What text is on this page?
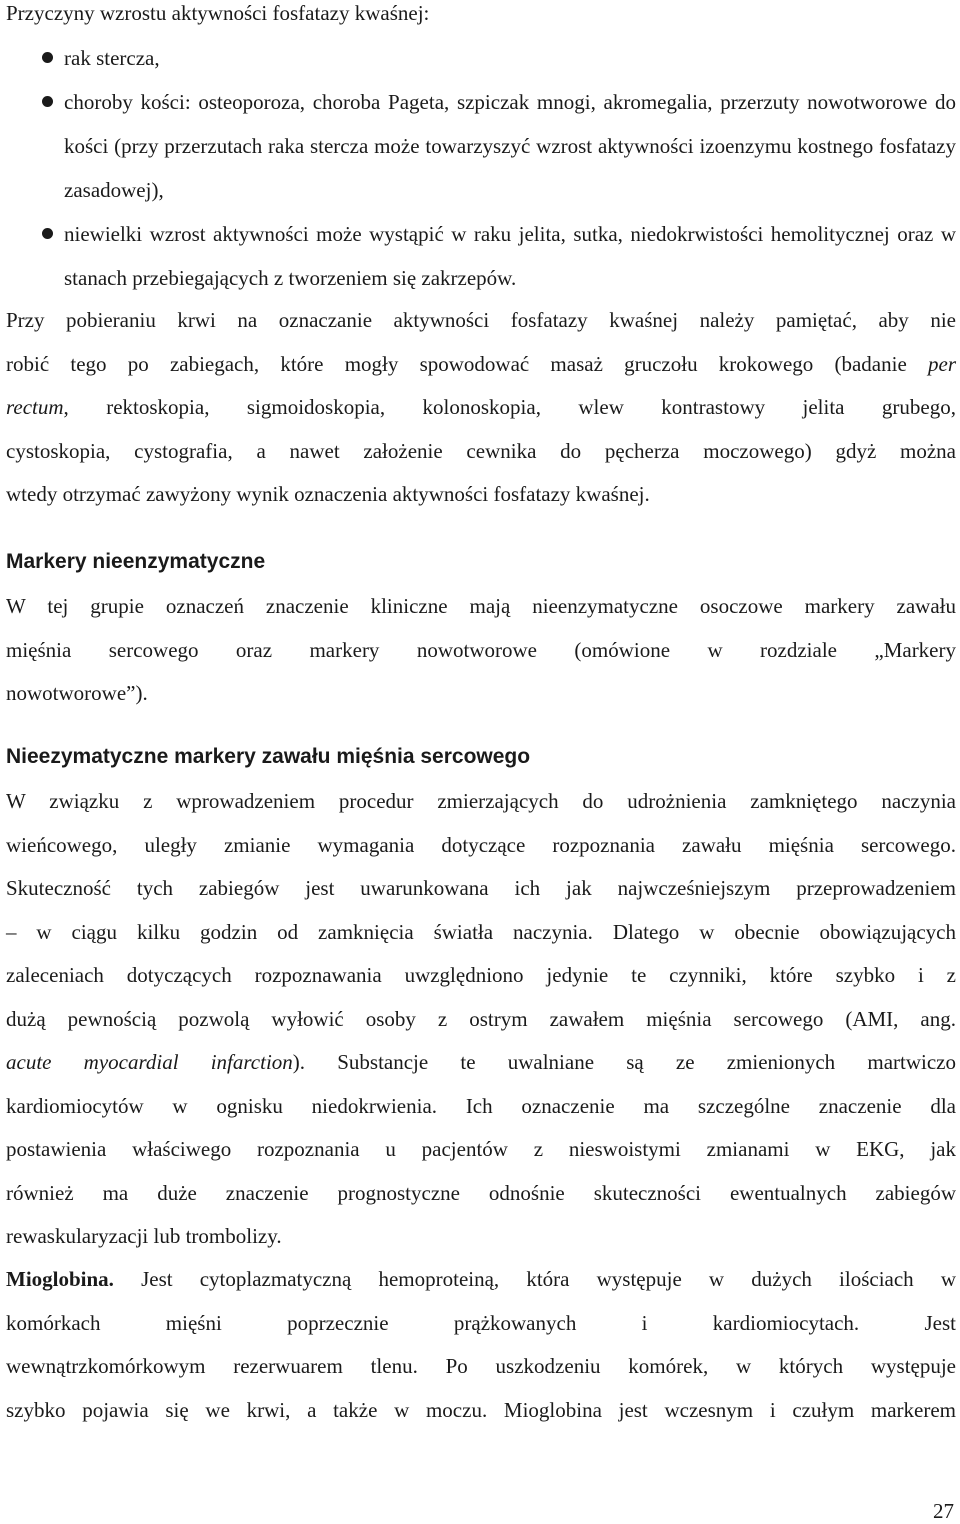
Przyczyny wzrostu aktywności fosfatazy kwaśnej:
rak stercza,
choroby kości: osteoporoza, choroba Pageta, szpiczak mnogi, akromegalia, przerzuty nowotworowe do kości (przy przerzutach raka stercza może towarzyszyć wzrost aktywności izoenzymu kostnego fosfatazy zasadowej),
niewielki wzrost aktywności może wystąpić w raku jelita, sutka, niedokrwistości hemolitycznej oraz w stanach przebiegających z tworzeniem się zakrzepów.
Przy pobieraniu krwi na oznaczanie aktywności fosfatazy kwaśnej należy pamiętać, aby nie
robić tego po zabiegach, które mogły spowodować masaż gruczołu krokowego (badanie per
rectum, rektoskopia, sigmoidoskopia, kolonoskopia, wlew kontrastowy jelita grubego,
cystoskopia, cystografia, a nawet założenie cewnika do pęcherza moczowego) gdyż można
wtedy otrzymać zawyżony wynik oznaczenia aktywności fosfatazy kwaśnej.
Markery nieenzymatyczne
W tej grupie oznaczeń znaczenie kliniczne mają nieenzymatyczne osoczowe markery zawału
mięśnia sercowego oraz markery nowotworowe (omówione w rozdziale „Markery
nowotworowe”).
Nieezymatyczne markery zawału mięśnia sercowego
W związku z wprowadzeniem procedur zmierzających do udrożnienia zamkniętego naczynia
wieńcowego, uległy zmianie wymagania dotyczące rozpoznania zawału mięśnia sercowego.
Skuteczność tych zabiegów jest uwarunkowana ich jak najwcześniejszym przeprowadzeniem
– w ciągu kilku godzin od zamknięcia światła naczynia. Dlatego w obecnie obowiązujących
zaleceniach dotyczących rozpoznawania uwzględniono jedynie te czynniki, które szybko i z
dużą pewnością pozwolą wyłowić osoby z ostrym zawałem mięśnia sercowego (AMI, ang.
acute myocardial infarction). Substancje te uwalniane są ze zmienionych martwiczo
kardiomiocytów w ognisku niedokrwienia. Ich oznaczenie ma szczególne znaczenie dla
postawienia właściwego rozpoznania u pacjentów z nieswoistymi zmianami w EKG, jak
również ma duże znaczenie prognostyczne odnośnie skuteczności ewentualnych zabiegów
rewaskularyzacji lub trombolizy.
Mioglobina. Jest cytoplazmatyczną hemoproteiną, która występuje w dużych ilościach w
komórkach mięśni poprzecznie prążkowanych i kardiomiocytach. Jest
wewnątrzkomórkowym rezerwuarem tlenu. Po uszkodzeniu komórek, w których występuje
szybko pojawia się we krwi, a także w moczu. Mioglobina jest wczesnym i czułym markerem
27
